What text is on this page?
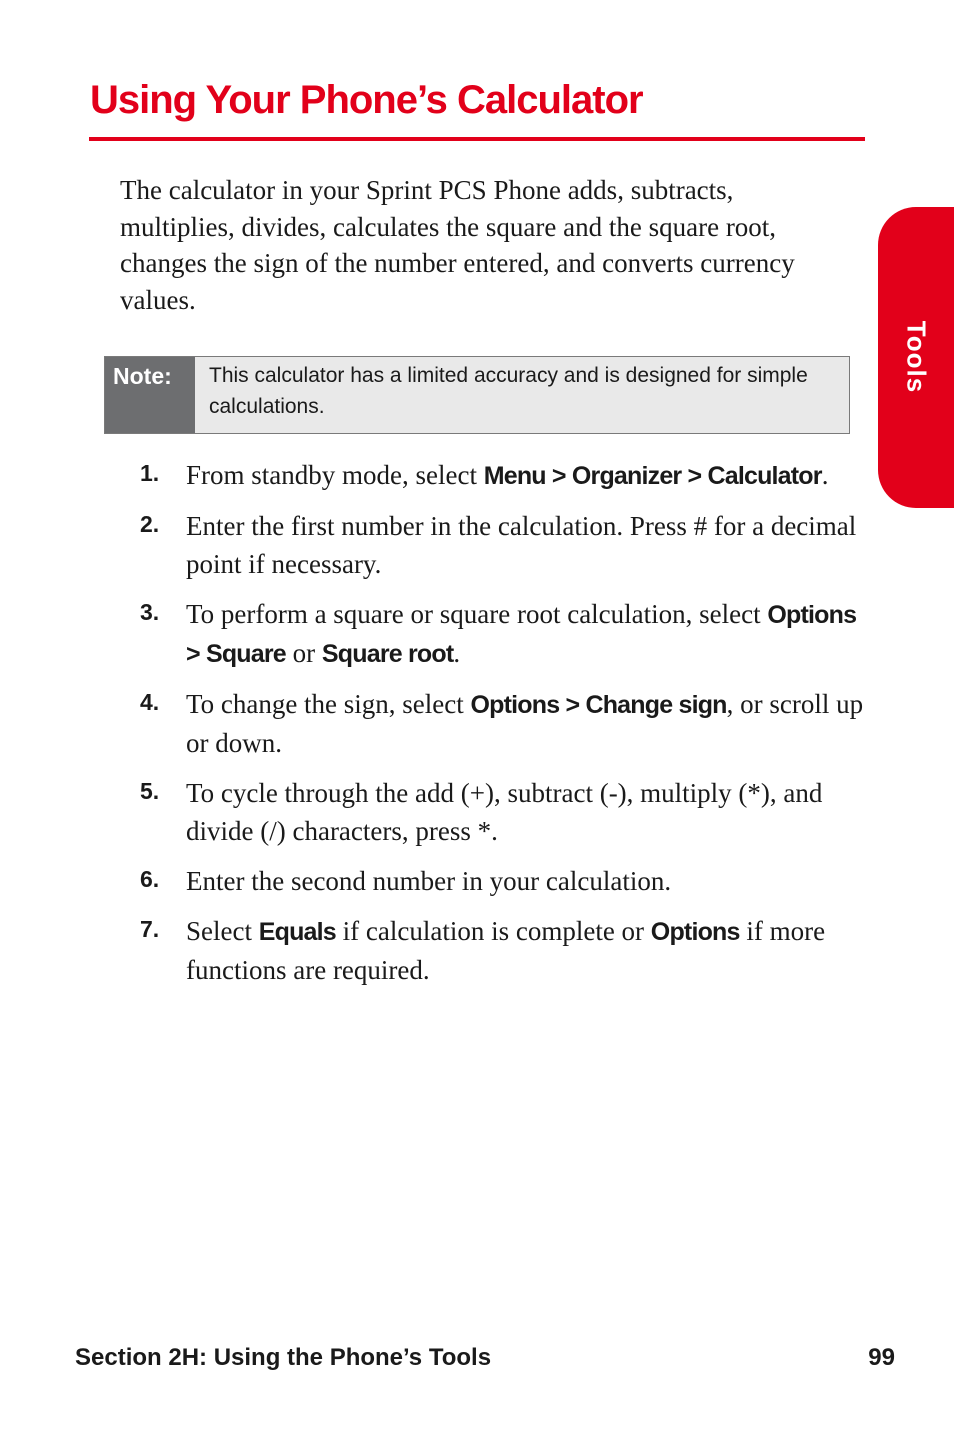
Using Your Phone’s Calculator
Tools

The calculator in your Sprint PCS Phone adds, subtracts, multiplies, divides, calculates the square and the square root, changes the sign of the number entered, and converts currency values.

Note:	This calculator has a limited accuracy and is designed for simple calculations.
1. From standby mode, select Menu > Organizer > Calculator.
2. Enter the first number in the calculation. Press # for a decimal point if necessary.
3. To perform a square or square root calculation, select Options > Square or Square root.
4. To change the sign, select Options > Change sign, or scroll up or down.
5. To cycle through the add (+), subtract (-), multiply (*), and divide (/) characters, press *.
6. Enter the second number in your calculation.
7. Select Equals if calculation is complete or Options if more functions are required.
Section 2H: Using the Phone’s Tools	99
